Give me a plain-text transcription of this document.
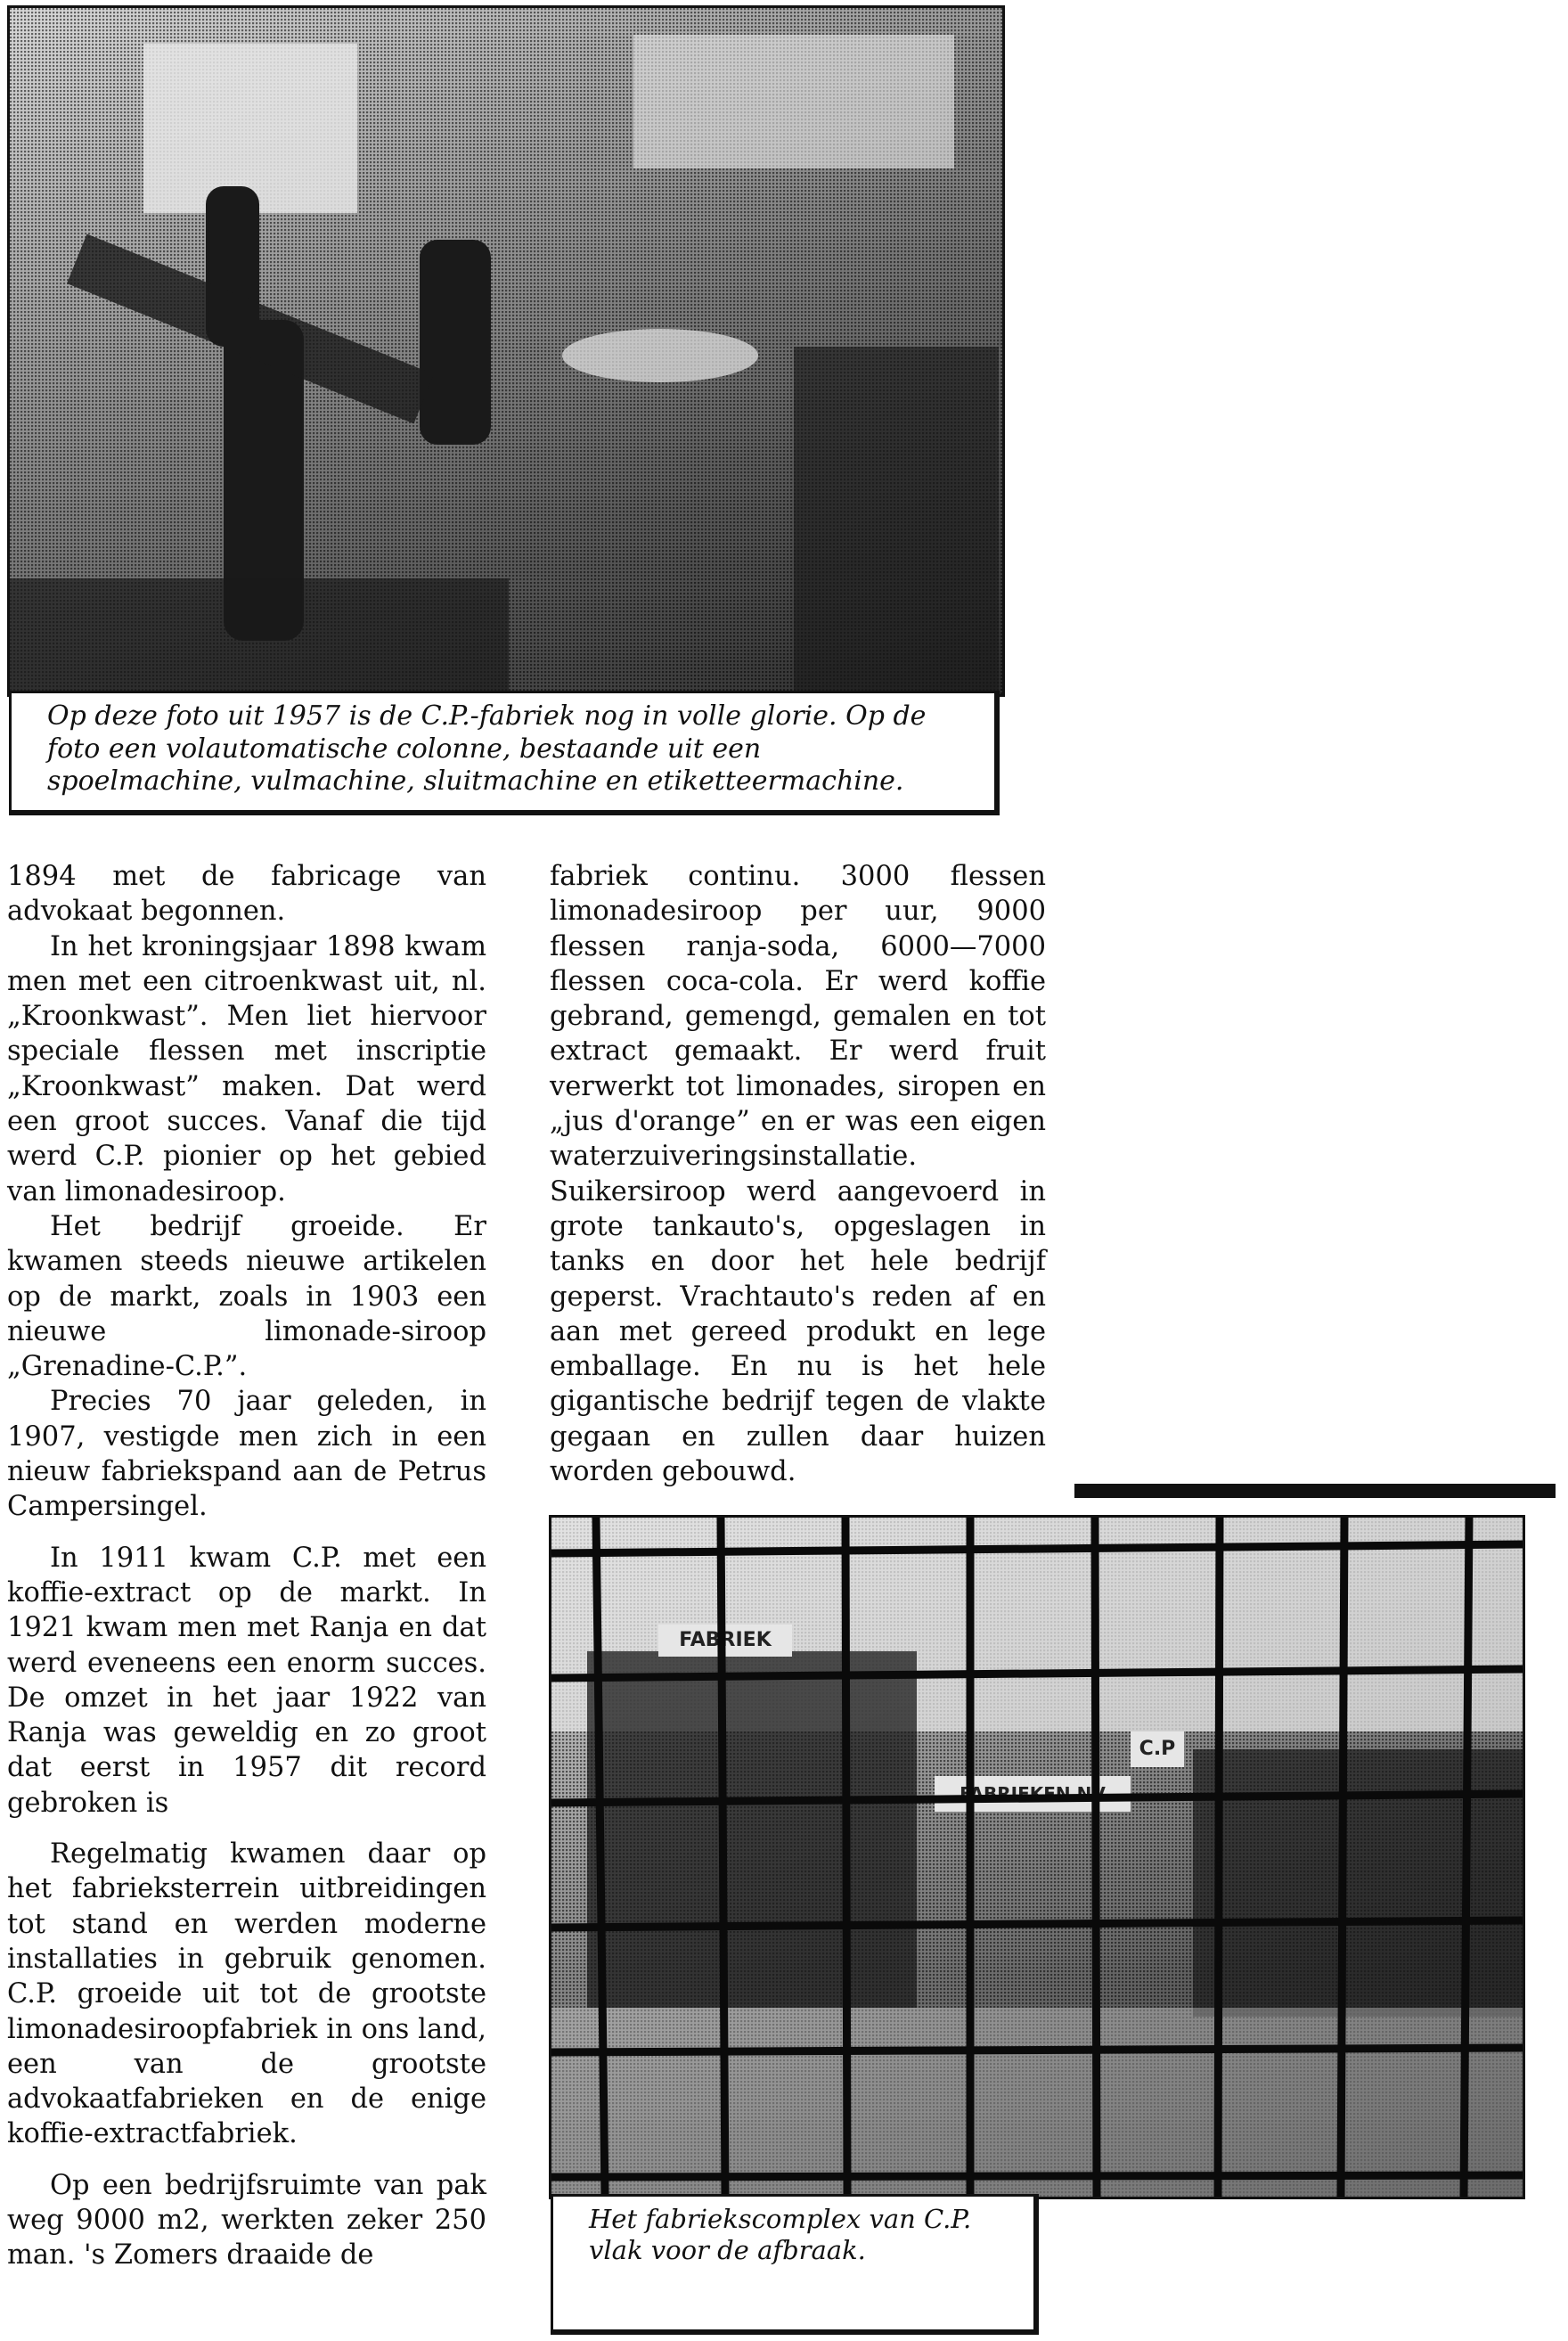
Op deze foto uit 1957 is de C.P.-fabriek nog in volle glorie. Op de foto een volautomatische colonne, bestaande uit een spoelmachine, vulmachine, sluitmachine en etiketteermachine.

1894 met de fabricage van advokaat begonnen.

In het kroningsjaar 1898 kwam men met een citroenkwast uit, nl. „Kroonkwast”. Men liet hiervoor speciale flessen met inscriptie „Kroonkwast” maken. Dat werd een groot succes. Vanaf die tijd werd C.P. pionier op het gebied van limonadesiroop.

Het bedrijf groeide. Er kwamen steeds nieuwe artikelen op de markt, zoals in 1903 een nieuwe limonade-siroop „Grenadine-C.P.”.

Precies 70 jaar geleden, in 1907, vestigde men zich in een nieuw fabriekspand aan de Petrus Campersingel.

In 1911 kwam C.P. met een koffie-extract op de markt. In 1921 kwam men met Ranja en dat werd eveneens een enorm succes. De omzet in het jaar 1922 van Ranja was geweldig en zo groot dat eerst in 1957 dit record gebroken is

Regelmatig kwamen daar op het fabrieksterrein uitbreidingen tot stand en werden moderne installaties in gebruik genomen. C.P. groeide uit tot de grootste limonadesiroopfabriek in ons land, een van de grootste advokaatfabrieken en de enige koffie-extractfabriek.

Op een bedrijfsruimte van pak weg 9000 m2, werkten zeker 250 man. 's Zomers draaide de

fabriek continu. 3000 flessen limonadesiroop per uur, 9000 flessen ranja-soda, 6000—7000 flessen coca-cola. Er werd koffie gebrand, gemengd, gemalen en tot extract gemaakt. Er werd fruit verwerkt tot limonades, siropen en „jus d'orange” en er was een eigen waterzuiveringsinstallatie. Suikersiroop werd aangevoerd in grote tankauto's, opgeslagen in tanks en door het hele bedrijf geperst. Vrachtauto's reden af en aan met gereed produkt en lege emballage. En nu is het hele gigantische bedrijf tegen de vlakte gegaan en zullen daar huizen worden gebouwd.

FABRIEK
C.P
FABRIEKEN NV
Het fabriekscomplex van C.P. vlak voor de afbraak.
